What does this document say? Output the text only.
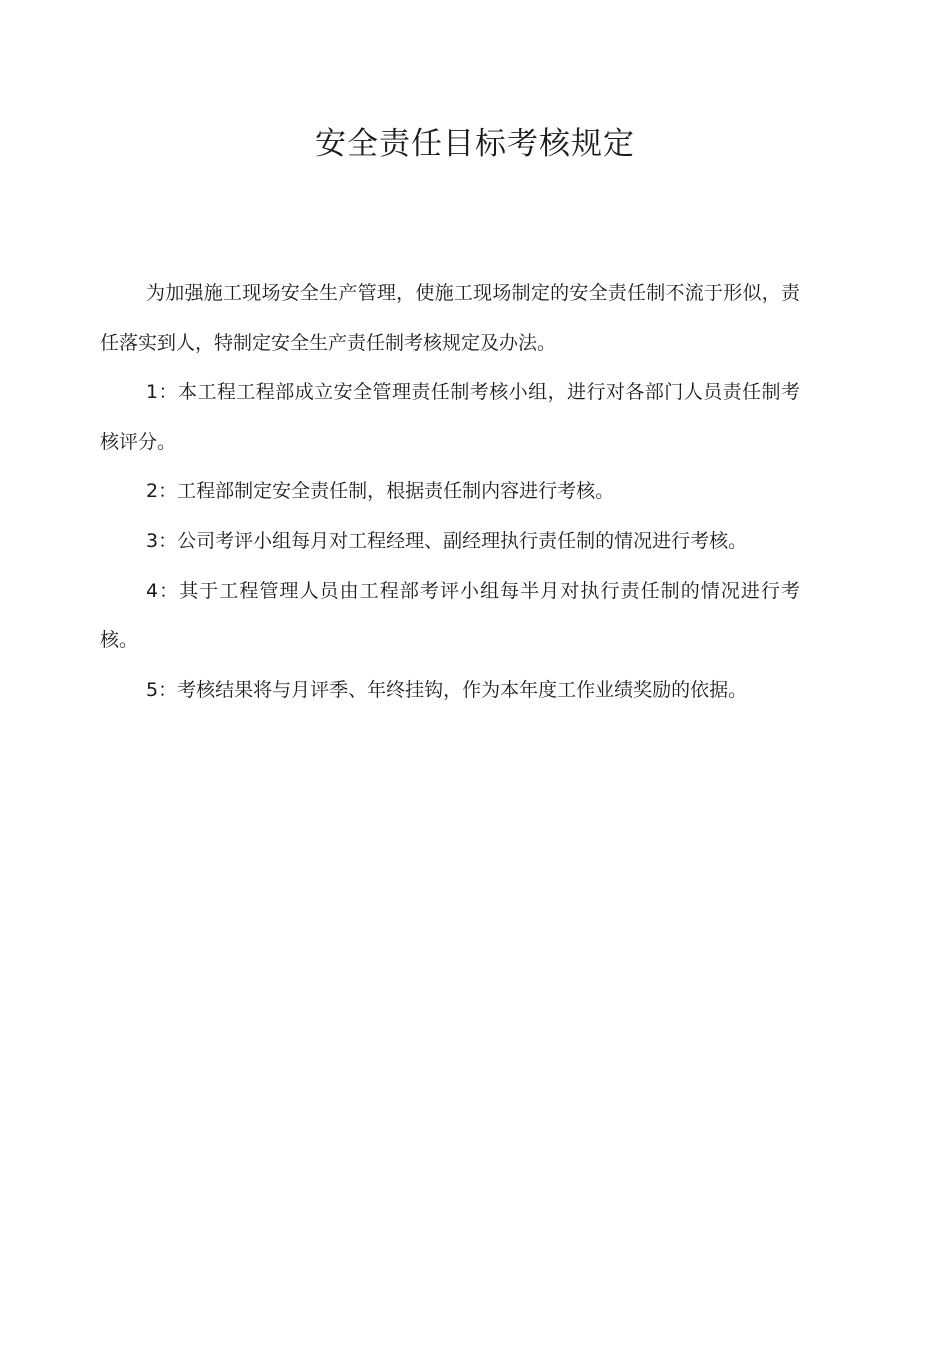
安全责任目标考核规定

为加强施工现场安全生产管理，使施工现场制定的安全责任制不流于形似，责任落实到人，特制定安全生产责任制考核规定及办法。

1：本工程工程部成立安全管理责任制考核小组，进行对各部门人员责任制考核评分。

2：工程部制定安全责任制，根据责任制内容进行考核。

3：公司考评小组每月对工程经理、副经理执行责任制的情况进行考核。

4：其于工程管理人员由工程部考评小组每半月对执行责任制的情况进行考核。

5：考核结果将与月评季、年终挂钩，作为本年度工作业绩奖励的依据。
